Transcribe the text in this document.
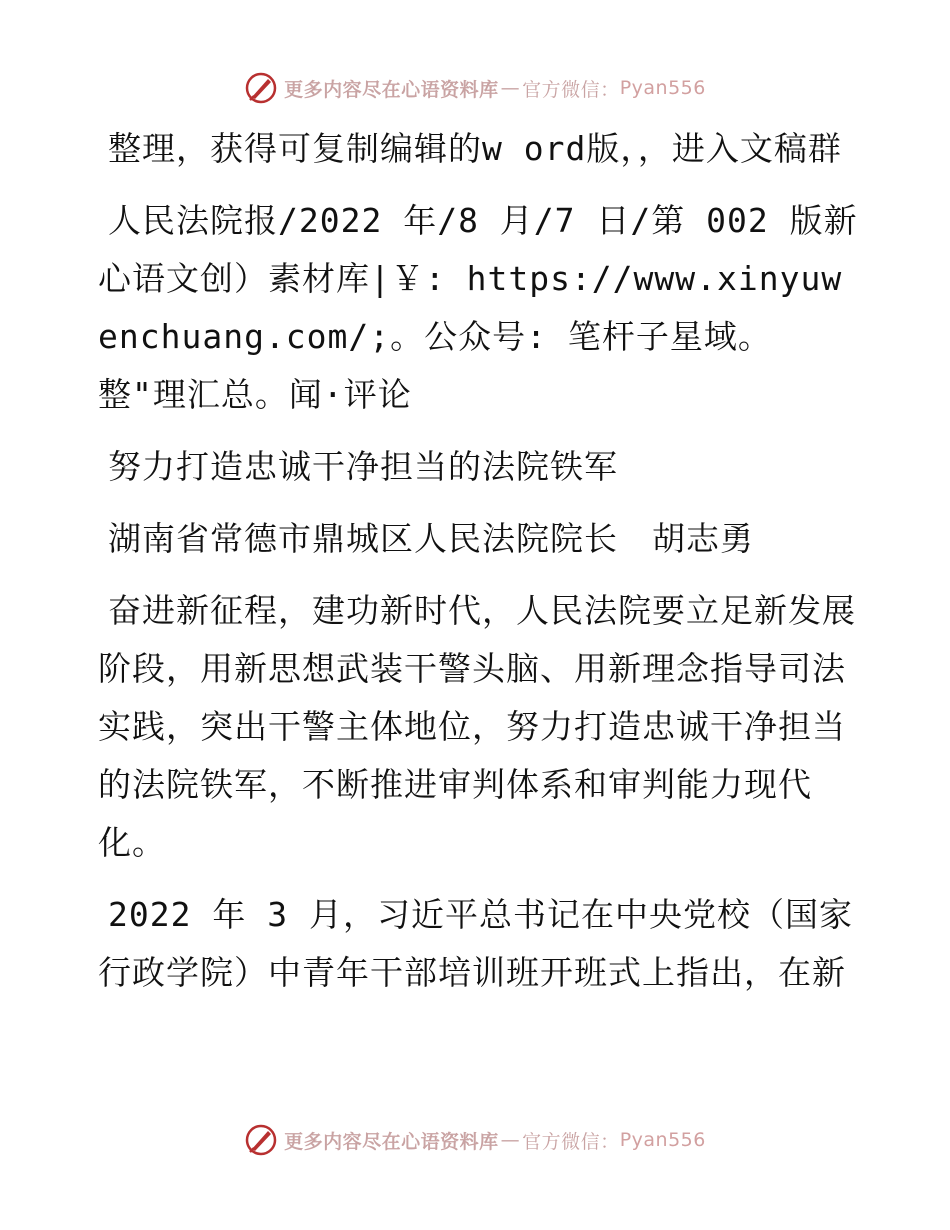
更多内容尽在心语资料库 — 官方微信： Pyan556

整理，获得可复制编辑的w ord版，，进入文稿群

人民法院报/2022 年/8 月/7 日/第 002 版新心语文创）素材库|￥: https://www.xinyuwenchuang.com/;。公众号: 笔杆子星域。整"理汇总。闻·评论

努力打造忠诚干净担当的法院铁军

湖南省常德市鼎城区人民法院院长　胡志勇

奋进新征程，建功新时代，人民法院要立足新发展阶段，用新思想武装干警头脑、用新理念指导司法实践，突出干警主体地位，努力打造忠诚干净担当的法院铁军，不断推进审判体系和审判能力现代化。

2022 年 3 月，习近平总书记在中央党校（国家行政学院）中青年干部培训班开班式上指出，在新

更多内容尽在心语资料库 — 官方微信： Pyan556
